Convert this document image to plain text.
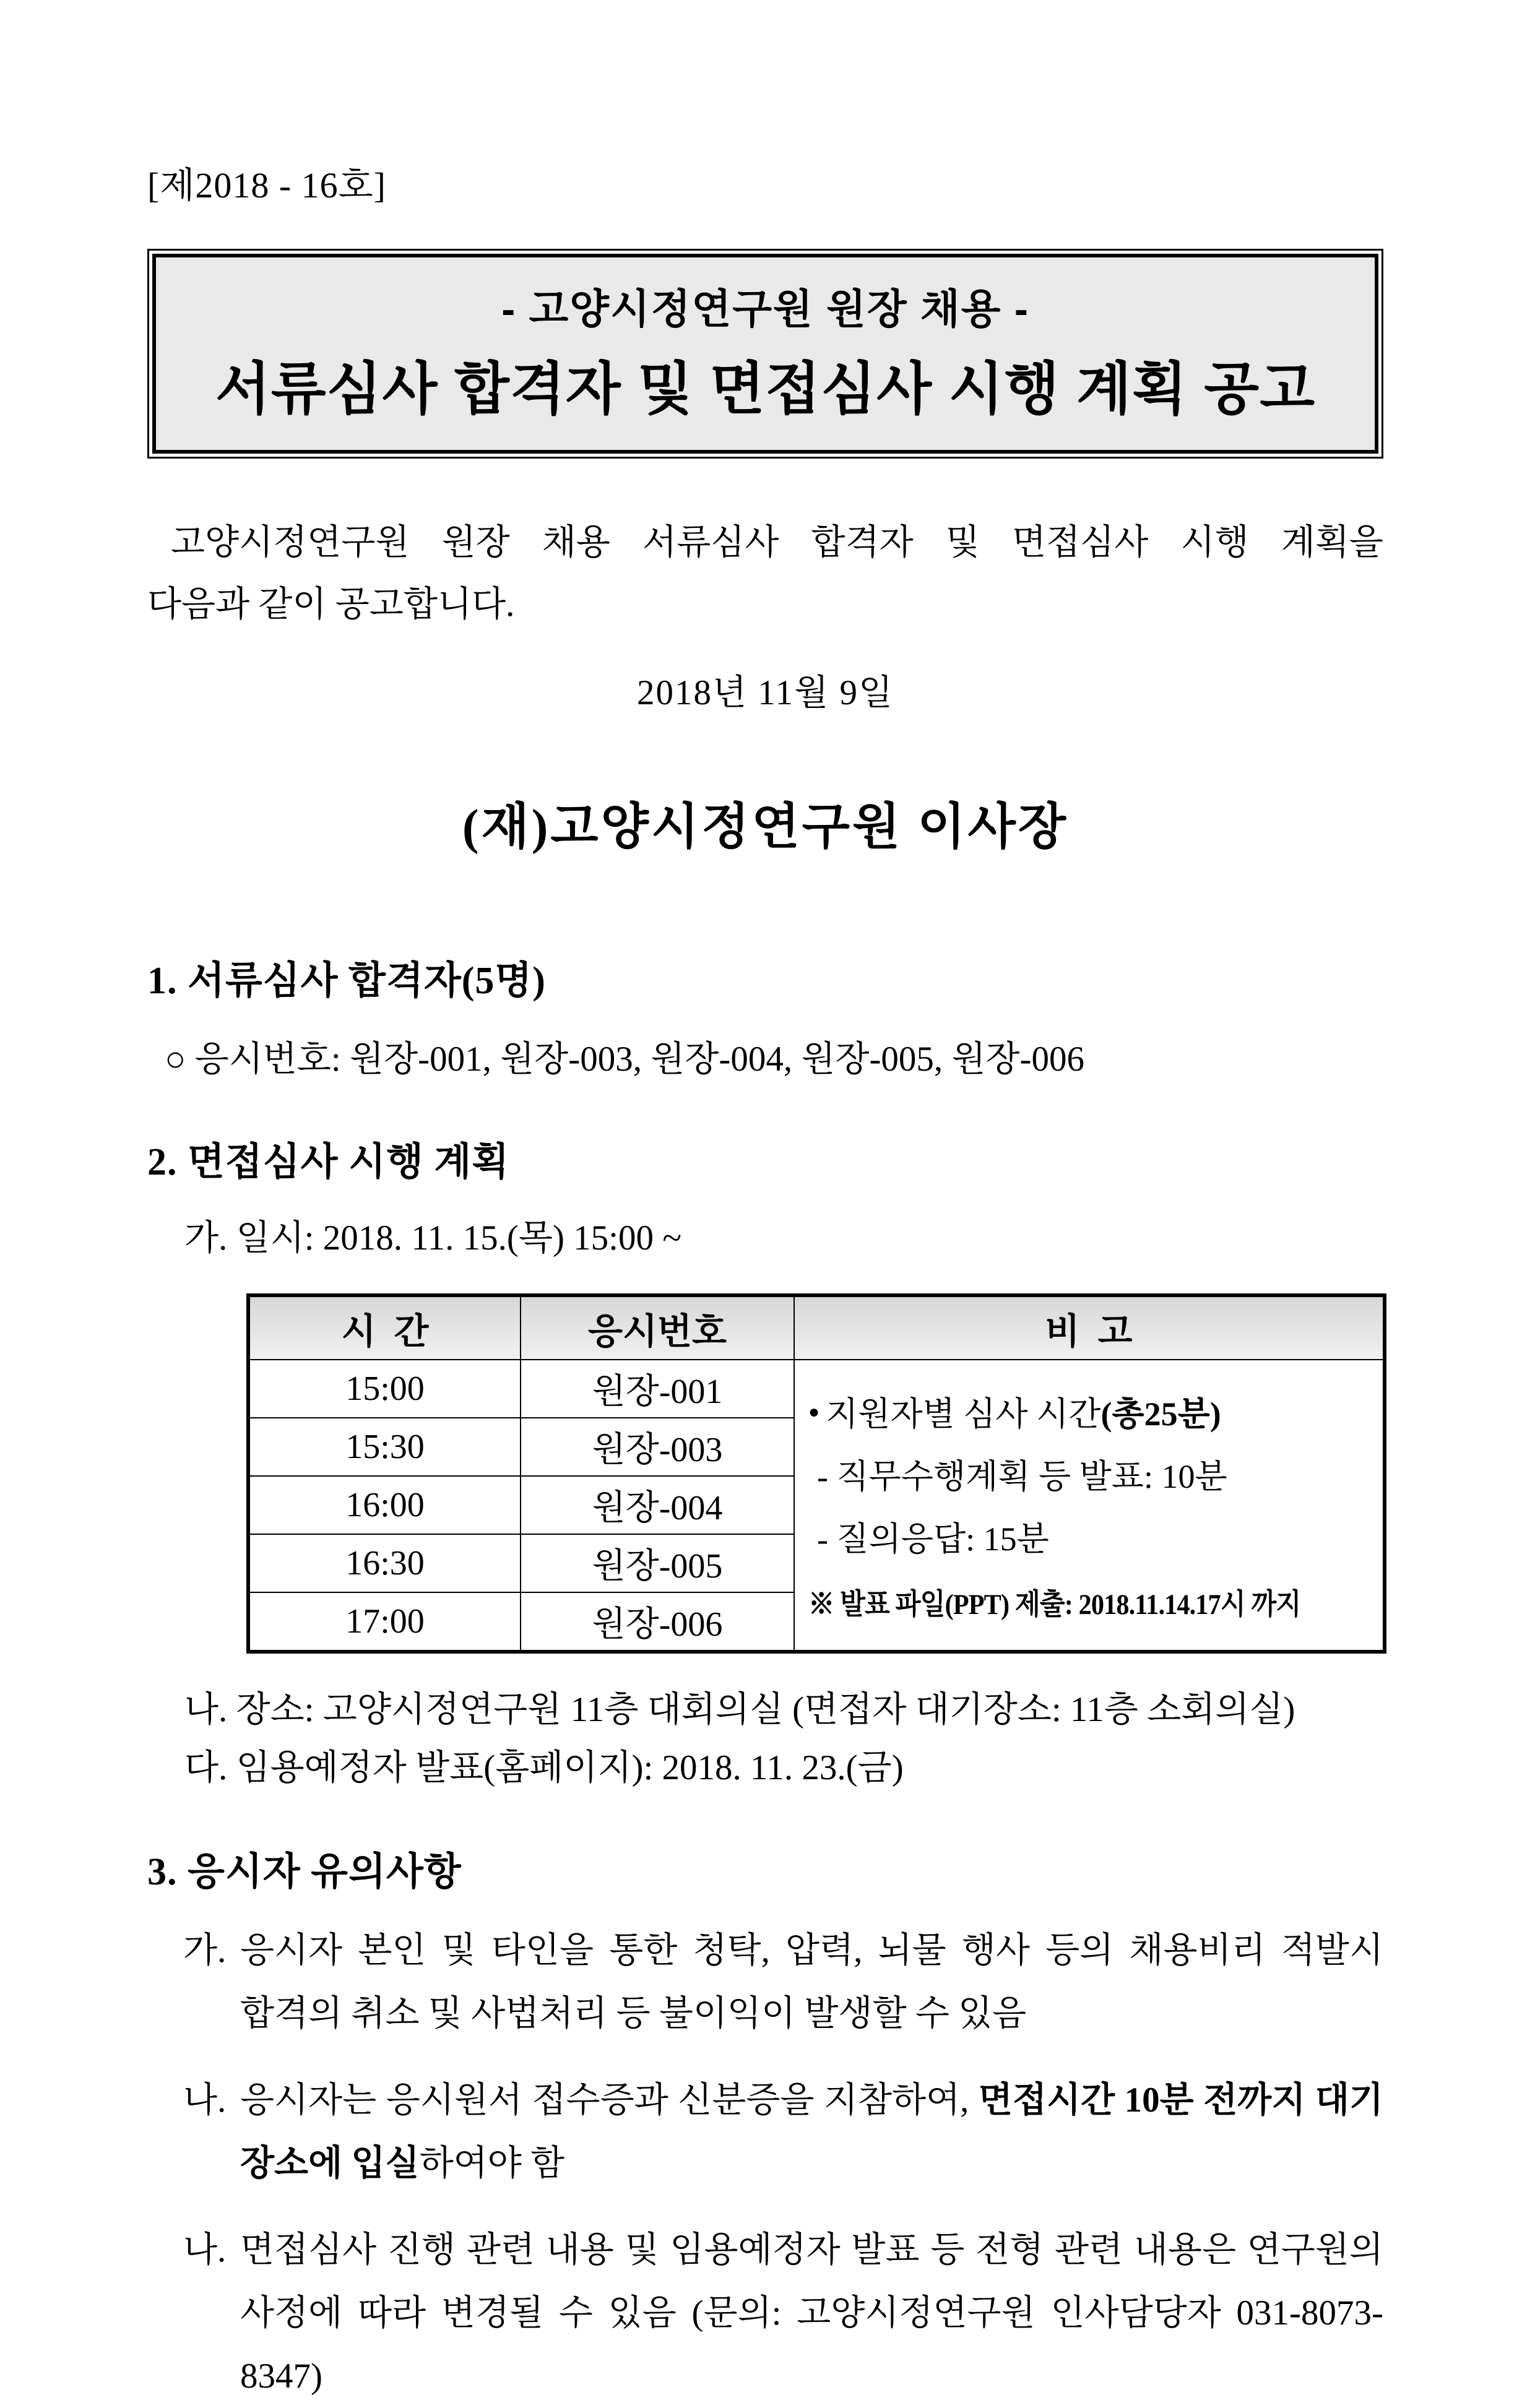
[제2018 - 16호]
- 고양시정연구원 원장 채용 -
서류심사 합격자 및 면접심사 시행 계획 공고
고양시정연구원 원장 채용 서류심사 합격자 및 면접심사 시행 계획을
다음과 같이 공고합니다.
2018년 11월 9일
(재)고양시정연구원 이사장
1. 서류심사 합격자(5명)
○ 응시번호: 원장-001, 원장-003, 원장-004, 원장-005, 원장-006
2. 면접심사 시행 계획
가. 일시: 2018. 11. 15.(목) 15:00 ~
시  간	응시번호	비  고
15:00	원장-001	● 지원자별 심사 시간(총25분)
- 직무수행계획 등 발표: 10분
- 질의응답: 15분
※ 발표 파일(PPT) 제출: 2018.11.14.17시 까지

15:30	원장-003	
16:00	원장-004	
16:30	원장-005	
17:00	원장-006	
나. 장소: 고양시정연구원 11층 대회의실 (면접자 대기장소: 11층 소회의실)
다. 임용예정자 발표(홈페이지): 2018. 11. 23.(금)
3. 응시자 유의사항
가. 응시자 본인 및 타인을 통한 청탁, 압력, 뇌물 행사 등의 채용비리 적발시
합격의 취소 및 사법처리 등 불이익이 발생할 수 있음
나. 응시자는 응시원서 접수증과 신분증을 지참하여, 면접시간 10분 전까지 대기
장소에 입실하여야 함
나. 면접심사 진행 관련 내용 및 임용예정자 발표 등 전형 관련 내용은 연구원의
사정에 따라 변경될 수 있음 (문의: 고양시정연구원 인사담당자 031-8073-8347)
